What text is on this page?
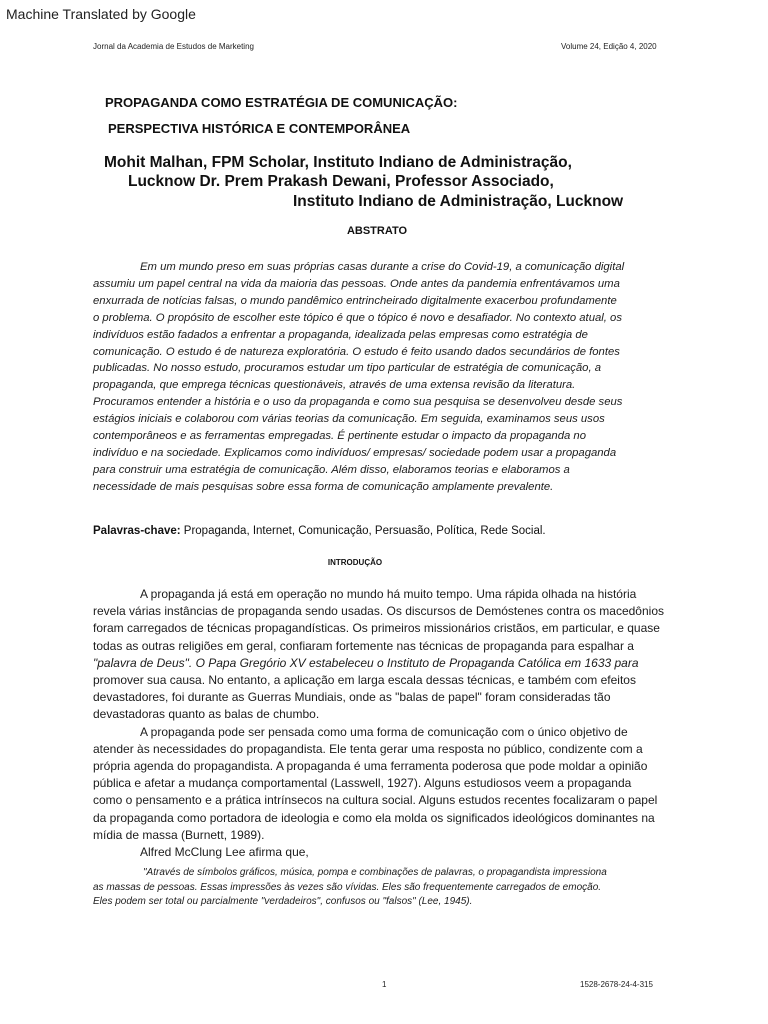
Machine Translated by Google
Jornal da Academia de Estudos de Marketing	Volume 24, Edição 4, 2020
PROPAGANDA COMO ESTRATÉGIA DE COMUNICAÇÃO:
PERSPECTIVA HISTÓRICA E CONTEMPORÂNEA
Mohit Malhan, FPM Scholar, Instituto Indiano de Administração,
Lucknow Dr. Prem Prakash Dewani, Professor Associado,
Instituto Indiano de Administração, Lucknow
ABSTRATO
Em um mundo preso em suas próprias casas durante a crise do Covid-19, a comunicação digital
assumiu um papel central na vida da maioria das pessoas. Onde antes da pandemia enfrentávamos uma
enxurrada de notícias falsas, o mundo pandêmico entrincheirado digitalmente exacerbou profundamente
o problema. O propósito de escolher este tópico é que o tópico é novo e desafiador. No contexto atual, os
indivíduos estão fadados a enfrentar a propaganda, idealizada pelas empresas como estratégia de
comunicação. O estudo é de natureza exploratória. O estudo é feito usando dados secundários de fontes
publicadas. No nosso estudo, procuramos estudar um tipo particular de estratégia de comunicação, a
propaganda, que emprega técnicas questionáveis, através de uma extensa revisão da literatura.
Procuramos entender a história e o uso da propaganda e como sua pesquisa se desenvolveu desde seus
estágios iniciais e colaborou com várias teorias da comunicação. Em seguida, examinamos seus usos
contemporâneos e as ferramentas empregadas. É pertinente estudar o impacto da propaganda no
indivíduo e na sociedade. Explicamos como indivíduos/ empresas/ sociedade podem usar a propaganda
para construir uma estratégia de comunicação. Além disso, elaboramos teorias e elaboramos a
necessidade de mais pesquisas sobre essa forma de comunicação amplamente prevalente.
Palavras-chave: Propaganda, Internet, Comunicação, Persuasão, Política, Rede Social.
INTRODUÇÃO
A propaganda já está em operação no mundo há muito tempo. Uma rápida olhada na história
revela várias instâncias de propaganda sendo usadas. Os discursos de Demóstenes contra os macedônios
foram carregados de técnicas propagandísticas. Os primeiros missionários cristãos, em particular, e quase
todas as outras religiões em geral, confiaram fortemente nas técnicas de propaganda para espalhar a
"palavra de Deus". O Papa Gregório XV estabeleceu o Instituto de Propaganda Católica em 1633 para
promover sua causa. No entanto, a aplicação em larga escala dessas técnicas, e também com efeitos
devastadores, foi durante as Guerras Mundiais, onde as "balas de papel" foram consideradas tão
devastadoras quanto as balas de chumbo.
A propaganda pode ser pensada como uma forma de comunicação com o único objetivo de
atender às necessidades do propagandista. Ele tenta gerar uma resposta no público, condizente com a
própria agenda do propagandista. A propaganda é uma ferramenta poderosa que pode moldar a opinião
pública e afetar a mudança comportamental (Lasswell, 1927). Alguns estudiosos veem a propaganda
como o pensamento e a prática intrínsecos na cultura social. Alguns estudos recentes focalizaram o papel
da propaganda como portadora de ideologia e como ela molda os significados ideológicos dominantes na
mídia de massa (Burnett, 1989).
Alfred McClung Lee afirma que,
"Através de símbolos gráficos, música, pompa e combinações de palavras, o propagandista impressiona
as massas de pessoas. Essas impressões às vezes são vívidas. Eles são frequentemente carregados de emoção.
Eles podem ser total ou parcialmente "verdadeiros", confusos ou "falsos" (Lee, 1945).
1	1528-2678-24-4-315
